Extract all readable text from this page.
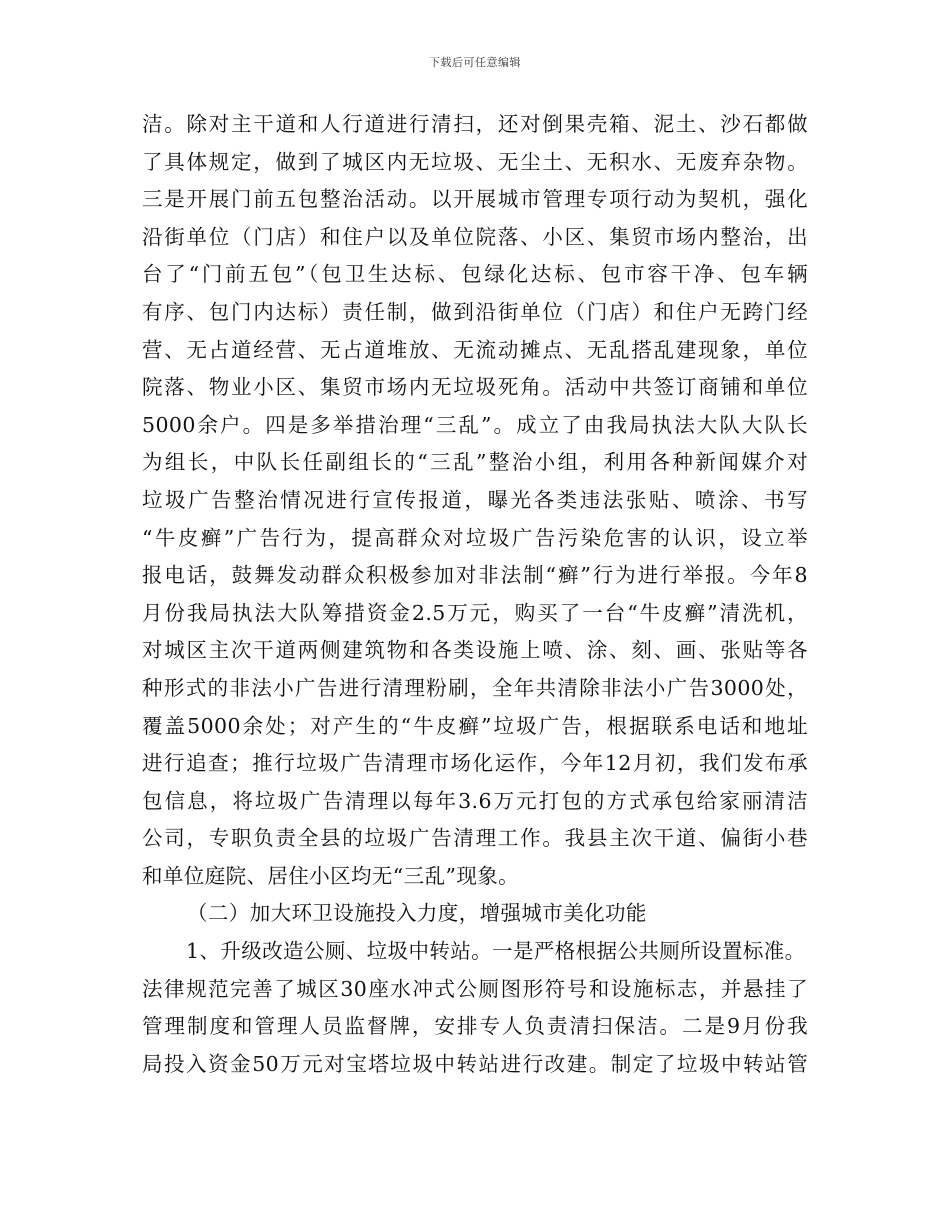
下载后可任意编辑
洁。除对主干道和人行道进行清扫，还对倒果壳箱、泥土、沙石都做
了具体规定，做到了城区内无垃圾、无尘土、无积水、无废弃杂物。
三是开展门前五包整治活动。以开展城市管理专项行动为契机，强化
沿街单位（门店）和住户以及单位院落、小区、集贸市场内整治，出
台了“门前五包”（包卫生达标、包绿化达标、包市容干净、包车辆
有序、包门内达标）责任制，做到沿街单位（门店）和住户无跨门经
营、无占道经营、无占道堆放、无流动摊点、无乱搭乱建现象，单位
院落、物业小区、集贸市场内无垃圾死角。活动中共签订商铺和单位
5000余户。四是多举措治理“三乱”。成立了由我局执法大队大队长
为组长，中队长任副组长的“三乱”整治小组，利用各种新闻媒介对
垃圾广告整治情况进行宣传报道，曝光各类违法张贴、喷涂、书写
“牛皮癣”广告行为，提高群众对垃圾广告污染危害的认识，设立举
报电话，鼓舞发动群众积极参加对非法制“癣”行为进行举报。今年8
月份我局执法大队筹措资金2.5万元，购买了一台“牛皮癣”清洗机，
对城区主次干道两侧建筑物和各类设施上喷、涂、刻、画、张贴等各
种形式的非法小广告进行清理粉刷，全年共清除非法小广告3000处，
覆盖5000余处；对产生的“牛皮癣”垃圾广告，根据联系电话和地址
进行追查；推行垃圾广告清理市场化运作，今年12月初，我们发布承
包信息，将垃圾广告清理以每年3.6万元打包的方式承包给家丽清洁
公司，专职负责全县的垃圾广告清理工作。我县主次干道、偏街小巷
和单位庭院、居住小区均无“三乱”现象。
（二）加大环卫设施投入力度，增强城市美化功能
1、升级改造公厕、垃圾中转站。一是严格根据公共厕所设置标准。
法律规范完善了城区30座水冲式公厕图形符号和设施标志，并悬挂了
管理制度和管理人员监督牌，安排专人负责清扫保洁。二是9月份我
局投入资金50万元对宝塔垃圾中转站进行改建。制定了垃圾中转站管
